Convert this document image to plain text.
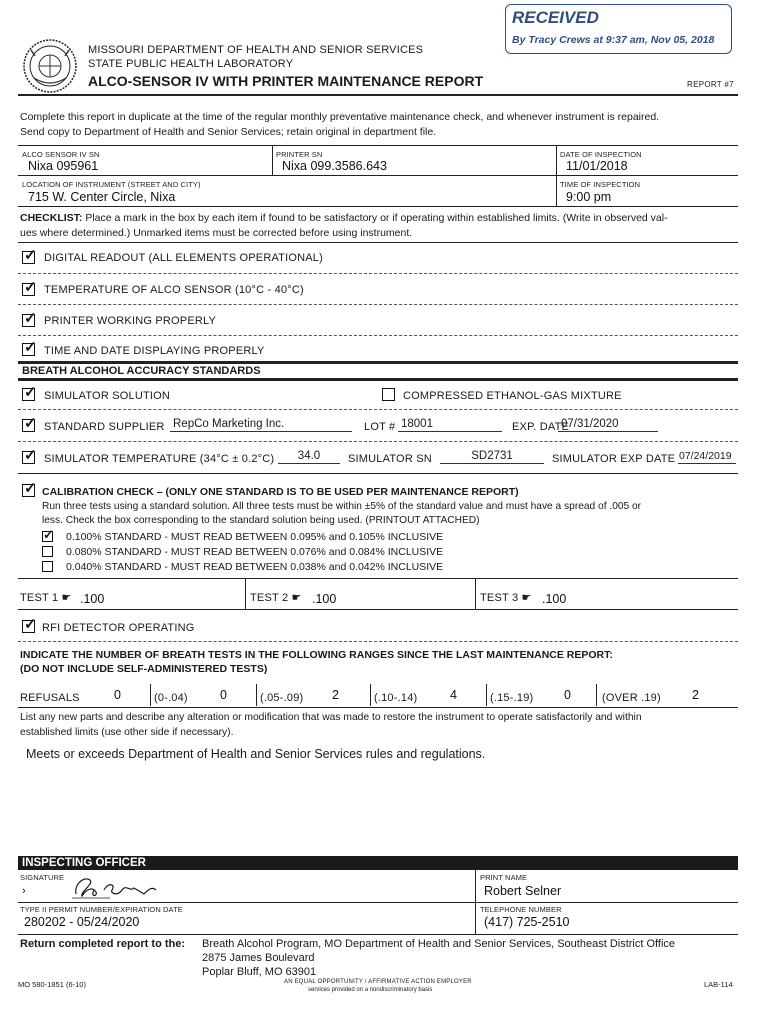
RECEIVED
By Tracy Crews at 9:37 am, Nov 05, 2018
MISSOURI DEPARTMENT OF HEALTH AND SENIOR SERVICES
STATE PUBLIC HEALTH LABORATORY
ALCO-SENSOR IV WITH PRINTER MAINTENANCE REPORT	REPORT #7
Complete this report in duplicate at the time of the regular monthly preventative maintenance check, and whenever instrument is repaired.
Send copy to Department of Health and Senior Services; retain original in department file.
ALCO SENSOR IV SN
Nixa 095961
PRINTER SN
Nixa 099.3586.643
DATE OF INSPECTION
11/01/2018
LOCATION OF INSTRUMENT (STREET AND CITY)
715 W. Center Circle, Nixa
TIME OF INSPECTION
9:00 pm
CHECKLIST: Place a mark in the box by each item if found to be satisfactory or if operating within established limits. (Write in observed val-
ues where determined.) Unmarked items must be corrected before using instrument.
✓ DIGITAL READOUT (ALL ELEMENTS OPERATIONAL)
✓ TEMPERATURE OF ALCO SENSOR (10°C - 40°C)
✓ PRINTER WORKING PROPERLY
✓ TIME AND DATE DISPLAYING PROPERLY
BREATH ALCOHOL ACCURACY STANDARDS
✓ SIMULATOR SOLUTION	COMPRESSED ETHANOL-GAS MIXTURE
✓ STANDARD SUPPLIER RepCo Marketing Inc.	LOT # 18001	EXP. DATE
07/31/2020
✓ SIMULATOR TEMPERATURE (34°C ± 0.2°C)	34.0	SIMULATOR SN	SD2731	SIMULATOR EXP DATE 07/24/2019
✓ CALIBRATION CHECK – (ONLY ONE STANDARD IS TO BE USED PER MAINTENANCE REPORT)
Run three tests using a standard solution. All three tests must be within ±5% of the standard value and must have a spread of .005 or
less. Check the box corresponding to the standard solution being used. (PRINTOUT ATTACHED)
✓ 0.100% STANDARD - MUST READ BETWEEN 0.095% and 0.105% INCLUSIVE
0.080% STANDARD - MUST READ BETWEEN 0.076% and 0.084% INCLUSIVE
0.040% STANDARD - MUST READ BETWEEN 0.038% and 0.042% INCLUSIVE
TEST 1 ☛ .100	TEST 2 ☛ .100	TEST 3 ☛ .100
✓ RFI DETECTOR OPERATING
INDICATE THE NUMBER OF BREATH TESTS IN THE FOLLOWING RANGES SINCE THE LAST MAINTENANCE REPORT:
(DO NOT INCLUDE SELF-ADMINISTERED TESTS)
REFUSALS	0	(0-.04)	0	(.05-.09) 2	(.10-.14)	4	(.15-.19) 0	(OVER .19) 2
List any new parts and describe any alteration or modification that was made to restore the instrument to operate satisfactorily and within
established limits (use other side if necessary).
Meets or exceeds Department of Health and Senior Services rules and regulations.
INSPECTING OFFICER
SIGNATURE
›
PRINT NAME
Robert Selner
TYPE II PERMIT NUMBER/EXPIRATION DATE
280202 - 05/24/2020
TELEPHONE NUMBER
(417) 725-2510
Return completed report to the: Breath Alcohol Program, MO Department of Health and Senior Services, Southeast District Office
2875 James Boulevard
Poplar Bluff, MO 63901
MO 580-1851 (6-10)	AN EQUAL OPPORTUNITY / AFFIRMATIVE ACTION EMPLOYER
services provided on a nondiscriminatory basis
LAB-114
